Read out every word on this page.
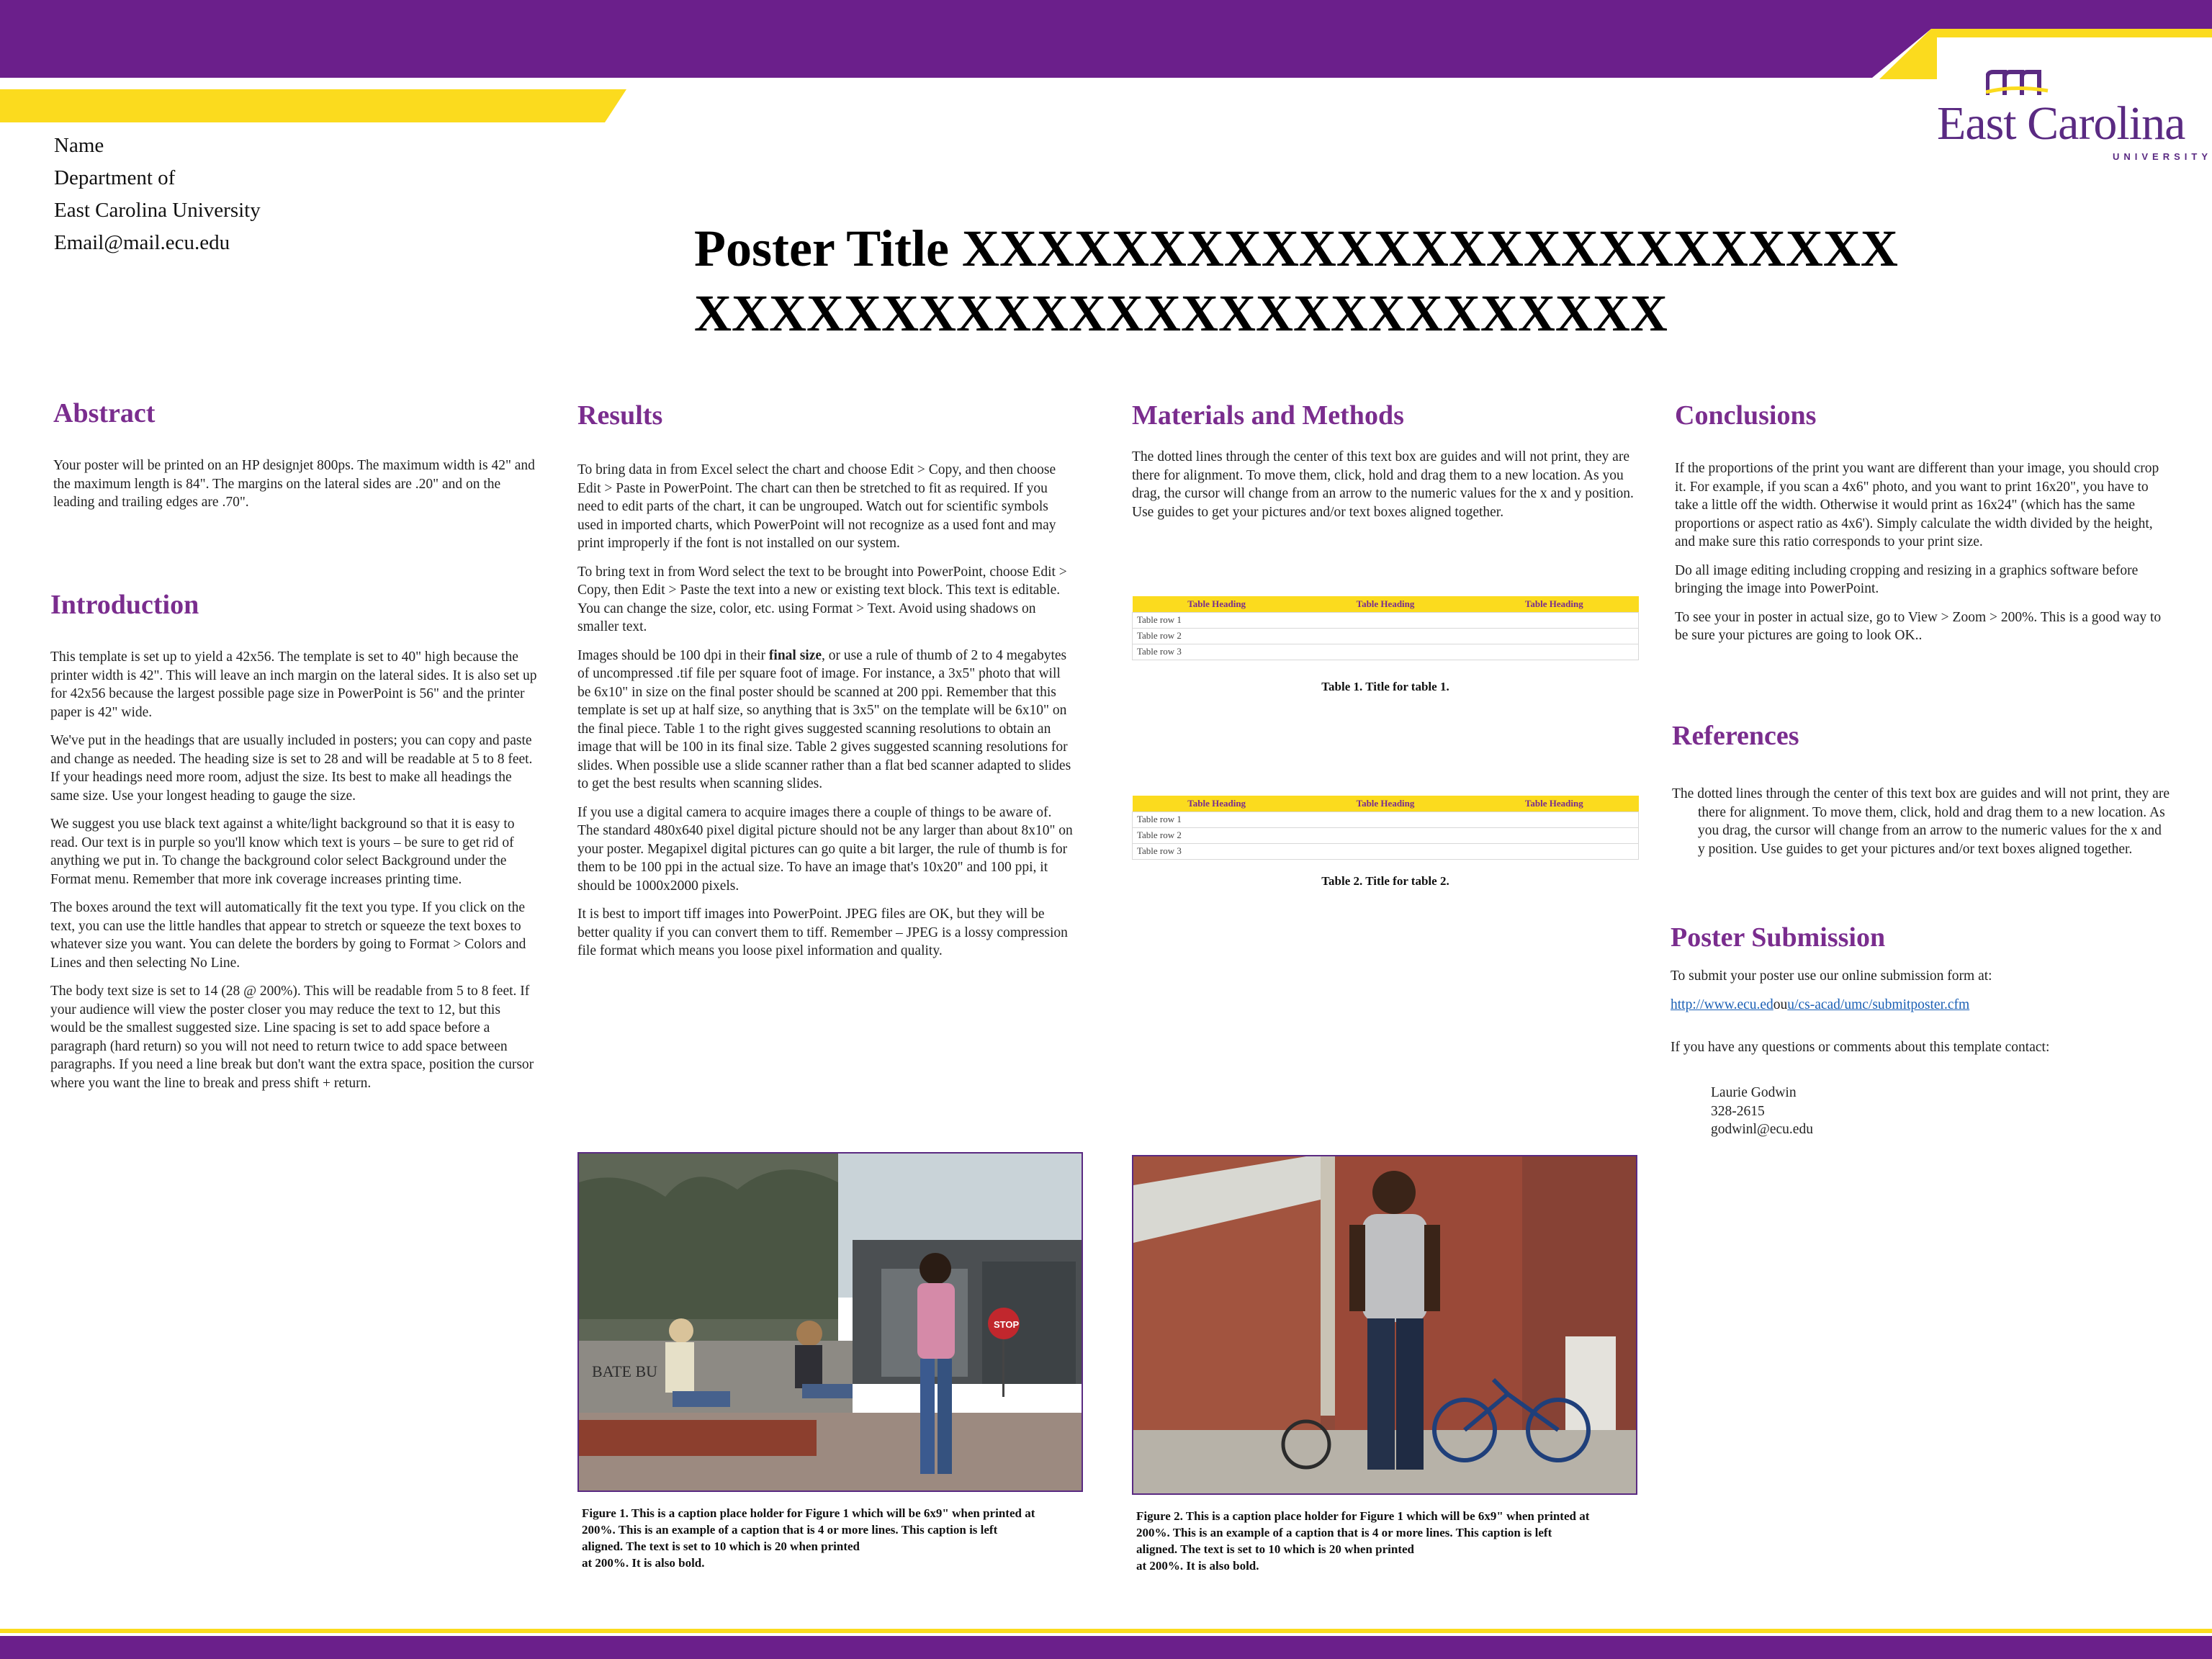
East Carolina
UNIVERSITY
Name
Department of
East Carolina University
Email@mail.ecu.edu	Poster Title XXXXXXXXXXXXXXXXXXXXXXXXX
XXXXXXXXXXXXXXXXXXXXXXXXXX
Abstract

Your poster will be printed on an HP designjet 800ps. The maximum width is 42" and the maximum length is 84". The margins on the lateral sides are .20" and on the leading and trailing edges are .70".

Introduction

This template is set up to yield a 42x56. The template is set to 40" high because the printer width is 42". This will leave an inch margin on the lateral sides. It is also set up for 42x56 because the largest possible page size in PowerPoint is 56" and the printer paper is 42" wide.

We've put in the headings that are usually included in posters; you can copy and paste and change as needed. The heading size is set to 28 and will be readable at 5 to 8 feet. If your headings need more room, adjust the size. Its best to make all headings the same size. Use your longest heading to gauge the size.

We suggest you use black text against a white/light background so that it is easy to read. Our text is in purple so you'll know which text is yours – be sure to get rid of anything we put in. To change the background color select Background under the Format menu. Remember that more ink coverage increases printing time.

The boxes around the text will automatically fit the text you type. If you click on the text, you can use the little handles that appear to stretch or squeeze the text boxes to whatever size you want. You can delete the borders by going to Format > Colors and Lines and then selecting No Line.

The body text size is set to 14 (28 @ 200%). This will be readable from 5 to 8 feet. If your audience will view the poster closer you may reduce the text to 12, but this would be the smallest suggested size. Line spacing is set to add space before a paragraph (hard return) so you will not need to return twice to add space between paragraphs. If you need a line break but don't want the extra space, position the cursor where you want the line to break and press shift + return.

Results

To bring data in from Excel select the chart and choose Edit > Copy, and then choose Edit > Paste in PowerPoint. The chart can then be stretched to fit as required. If you need to edit parts of the chart, it can be ungrouped. Watch out for scientific symbols used in imported charts, which PowerPoint will not recognize as a used font and may print improperly if the font is not installed on our system.

To bring text in from Word select the text to be brought into PowerPoint, choose Edit > Copy, then Edit > Paste the text into a new or existing text block. This text is editable. You can change the size, color, etc. using Format > Text. Avoid using shadows on smaller text.

Images should be 100 dpi in their final size, or use a rule of thumb of 2 to 4 megabytes of uncompressed .tif file per square foot of image. For instance, a 3x5" photo that will be 6x10" in size on the final poster should be scanned at 200 ppi. Remember that this template is set up at half size, so anything that is 3x5" on the template will be 6x10" on the final piece. Table 1 to the right gives suggested scanning resolutions to obtain an image that will be 100 in its final size. Table 2 gives suggested scanning resolutions for slides. When possible use a slide scanner rather than a flat bed scanner adapted to slides to get the best results when scanning slides.

If you use a digital camera to acquire images there a couple of things to be aware of. The standard 480x640 pixel digital picture should not be any larger than about 8x10" on your poster. Megapixel digital pictures can go quite a bit larger, the rule of thumb is for them to be 100 ppi in the actual size. To have an image that's 10x20" and 100 ppi, it should be 1000x2000 pixels.

It is best to import tiff images into PowerPoint. JPEG files are OK, but they will be better quality if you can convert them to tiff. Remember – JPEG is a lossy compression file format which means you loose pixel information and quality.

Materials and Methods

The dotted lines through the center of this text box are guides and will not print, they are there for alignment. To move them, click, hold and drag them to a new location. As you drag, the cursor will change from an arrow to the numeric values for the x and y position. Use guides to get your pictures and/or text boxes aligned together.

Table Heading	Table Heading	Table Heading
Table row 1
Table row 2
Table row 3
Table 1. Title for table 1.
Table Heading	Table Heading	Table Heading
Table row 1
Table row 2
Table row 3
Table 2. Title for table 2.
Conclusions

If the proportions of the print you want are different than your image, you should crop it. For example, if you scan a 4x6" photo, and you want to print 16x20", you have to take a little off the width. Otherwise it would print as 16x24" (which has the same proportions or aspect ratio as 4x6'). Simply calculate the width divided by the height, and make sure this ratio corresponds to your print size.

Do all image editing including cropping and resizing in a graphics software before bringing the image into PowerPoint.

To see your in poster in actual size, go to View > Zoom > 200%. This is a good way to be sure your pictures are going to look OK..

References

The dotted lines through the center of this text box are guides and will not print, they are there for alignment. To move them, click, hold and drag them to a new location. As you drag, the cursor will change from an arrow to the numeric values for the x and y position. Use guides to get your pictures and/or text boxes aligned together.

Poster Submission

To submit your poster use our online submission form at:

http://www.ecu.edouu/cs-acad/umc/submitposter.cfm

If you have any questions or comments about this template contact:

Laurie Godwin
328-2615
godwinl@ecu.edu
BATE BU
STOP
Figure 1. This is a caption place holder for Figure 1 which will be 6x9" when printed at
200%. This is an example of a caption that is 4 or more lines. This caption is left
aligned. The text is set to 10 which is 20 when printed
at 200%. It is also bold.
Figure 2. This is a caption place holder for Figure 1 which will be 6x9" when printed at
200%. This is an example of a caption that is 4 or more lines. This caption is left
aligned. The text is set to 10 which is 20 when printed
at 200%. It is also bold.
